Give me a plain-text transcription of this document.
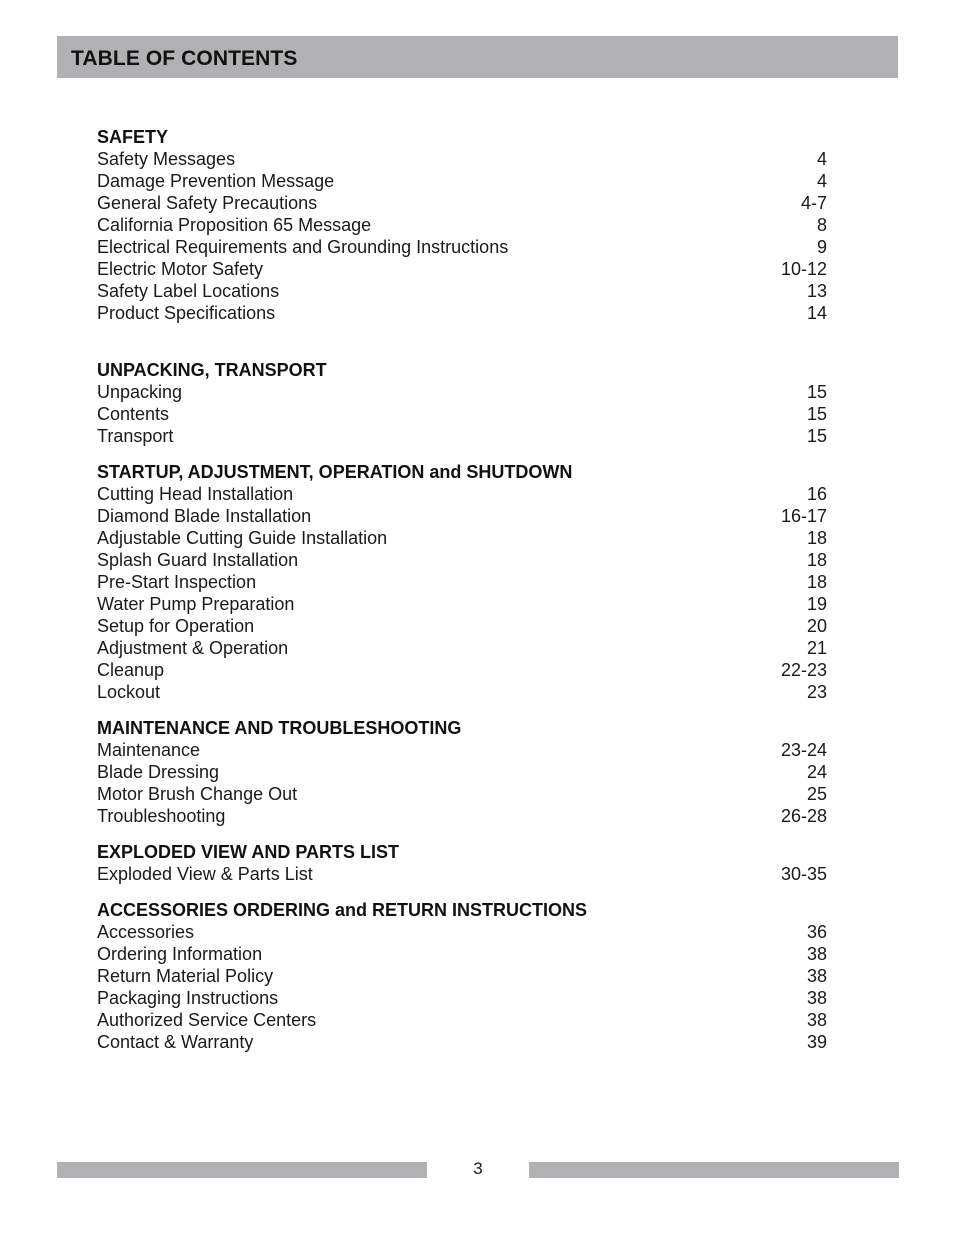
TABLE OF CONTENTS
SAFETY
Safety Messages	4
Damage Prevention Message	4
General Safety Precautions	4-7
California Proposition 65 Message	8
Electrical Requirements and Grounding Instructions	9
Electric Motor Safety	10-12
Safety Label Locations	13
Product Specifications	14
UNPACKING, TRANSPORT
Unpacking	15
Contents	15
Transport	15
STARTUP, ADJUSTMENT, OPERATION and SHUTDOWN
Cutting Head Installation	16
Diamond Blade Installation	16-17
Adjustable Cutting Guide Installation	18
Splash Guard Installation	18
Pre-Start Inspection	18
Water Pump Preparation	19
Setup for Operation	20
Adjustment & Operation	21
Cleanup	22-23
Lockout	23
MAINTENANCE AND TROUBLESHOOTING
Maintenance	23-24
Blade Dressing	24
Motor Brush Change Out	25
Troubleshooting	26-28
EXPLODED VIEW AND PARTS LIST
Exploded View & Parts List	30-35
ACCESSORIES ORDERING and RETURN INSTRUCTIONS
Accessories	36
Ordering Information	38
Return Material Policy	38
Packaging Instructions	38
Authorized Service Centers	38
Contact & Warranty	39
3
